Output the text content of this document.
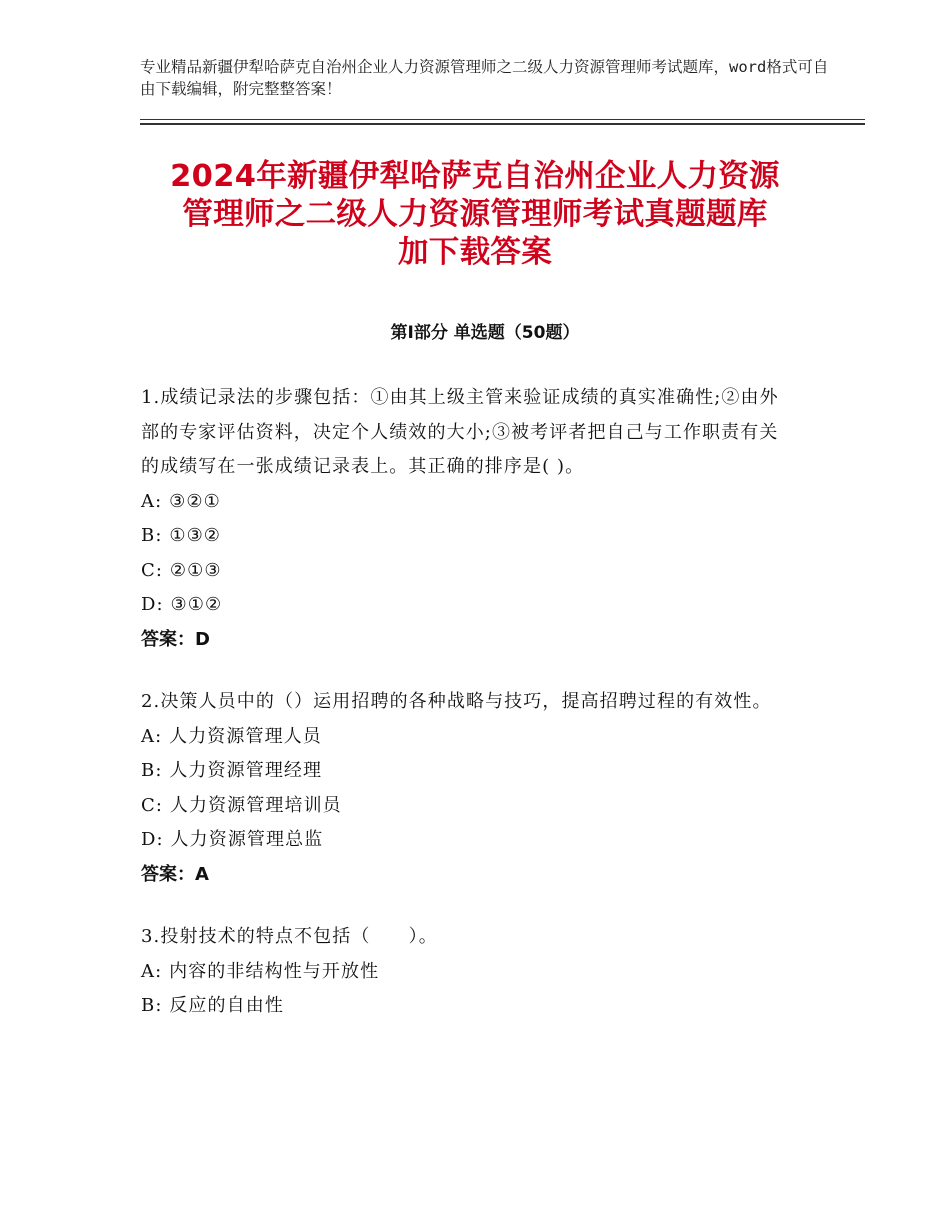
专业精品新疆伊犁哈萨克自治州企业人力资源管理师之二级人力资源管理师考试题库，word格式可自由下载编辑，附完整整答案！
2024年新疆伊犁哈萨克自治州企业人力资源
管理师之二级人力资源管理师考试真题题库
加下载答案
第Ⅰ部分 单选题（50题）
1.成绩记录法的步骤包括：①由其上级主管来验证成绩的真实准确性;②由外部的专家评估资料，决定个人绩效的大小;③被考评者把自己与工作职责有关的成绩写在一张成绩记录表上。其正确的排序是( )。
A: ③②①
B: ①③②
C: ②①③
D: ③①②
答案：D
2.决策人员中的（）运用招聘的各种战略与技巧，提高招聘过程的有效性。
A: 人力资源管理人员
B: 人力资源管理经理
C: 人力资源管理培训员
D: 人力资源管理总监
答案：A
3.投射技术的特点不包括（　　）。
A: 内容的非结构性与开放性
B: 反应的自由性
